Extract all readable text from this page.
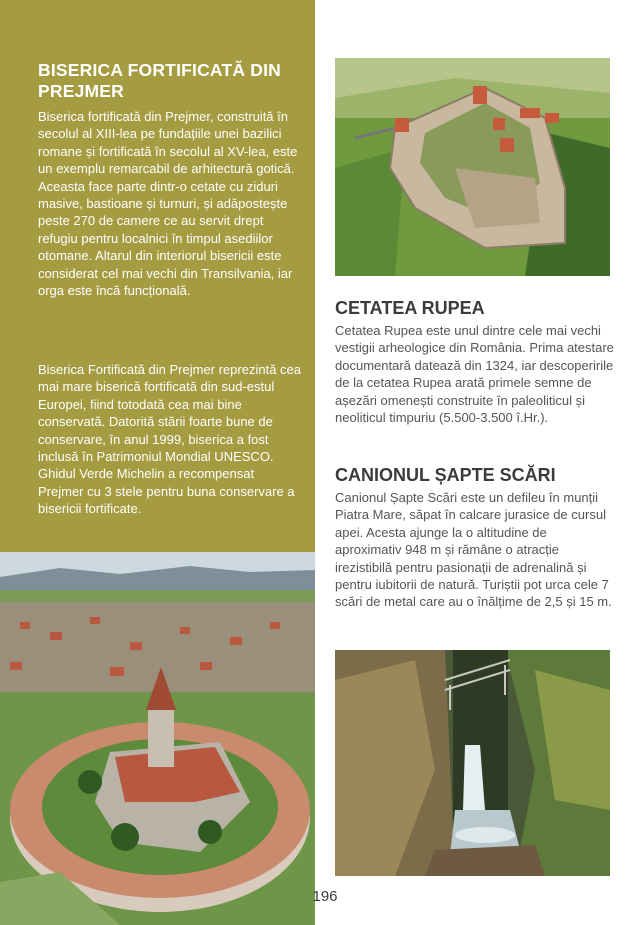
BISERICA FORTIFICATĂ DIN PREJMER

Biserica fortificată din Prejmer, construită în secolul al XIII-lea pe fundațiile unei bazilici romane și fortificată în secolul al XV-lea, este un exemplu remarcabil de arhitectură gotică. Aceasta face parte dintr-o cetate cu ziduri masive, bastioane și turnuri, și adăpostește peste 270 de camere ce au servit drept refugiu pentru localnici în timpul asediilor otomane. Altarul din interiorul bisericii este considerat cel mai vechi din Transilvania, iar orga este încă funcțională.

Biserica Fortificată din Prejmer reprezintă cea mai mare biserică fortificată din sud-estul Europei, fiind totodată cea mai bine conservată. Datorită stării foarte bune de conservare, în anul 1999, biserica a fost inclusă în Patrimoniul Mondial UNESCO. Ghidul Verde Michelin a recompensat Prejmer cu 3 stele pentru buna conservare a bisericii fortificate.

CETATEA RUPEA

Cetatea Rupea este unul dintre cele mai vechi vestigii arheologice din România. Prima atestare documentară datează din 1324, iar descoperirile de la cetatea Rupea arată primele semne de așezări omenești construite în paleoliticul și neoliticul timpuriu (5.500-3.500 î.Hr.).

CANIONUL ȘAPTE SCĂRI

Canionul Șapte Scări este un defileu în munții Piatra Mare, săpat în calcare jurasice de cursul apei. Acesta ajunge la o altitudine de aproximativ 948 m și rămâne o atracție irezistibilă pentru pasionații de adrenalină și pentru iubitorii de natură. Turiștii pot urca cele 7 scări de metal care au o înălțime de 2,5 și 15 m.

196
